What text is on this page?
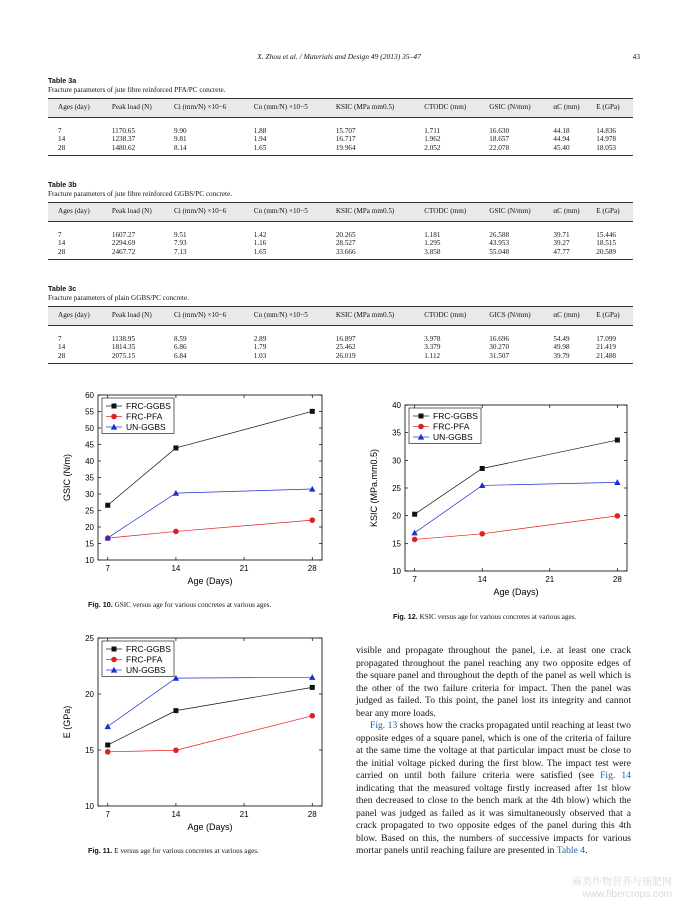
X. Zhou et al. / Materials and Design 49 (2013) 35–47	43
Table 3a
Fracture parameters of jute fibre reinforced PFA/PC concrete.
Ages (day)	Peak load (N)	Ci (mm/N) ×10−6	Cu (mm/N) ×10−5	KSIC (MPa mm0.5)	CTODC (mm)	GSIC (N/mm)	αC (mm)	E (GPa)
7	1170.65	9.90	1.88	15.707	1.711	16.630	44.18	14.836
14	1238.37	9.81	1.94	16.717	1.962	18.657	44.94	14.978
28	1480.62	8.14	1.65	19.964	2.052	22.078	45.40	18.053
Table 3b
Fracture parameters of jute fibre reinforced GGBS/PC concrete.
Ages (day)	Peak load (N)	Ci (mm/N) ×10−6	Cu (mm/N) ×10−5	KSIC (MPa mm0.5)	CTODC (mm)	GSIC (N/mm)	αC (mm)	E (GPa)
7	1607.27	9.51	1.42	20.265	1.181	26.588	39.71	15.446
14	2294.69	7.93	1.16	28.527	1.295	43.953	39.27	18.515
28	2467.72	7.13	1.65	33.666	3.858	55.048	47.77	20.589
Table 3c
Fracture parameters of plain GGBS/PC concrete.
Ages (day)	Peak load (N)	Ci (mm/N) ×10−6	Cu (mm/N) ×10−5	KSIC (MPa mm0.5)	CTODC (mm)	GICS (N/mm)	αC (mm)	E (GPa)
7	1138.95	8.59	2.89	16.897	3.978	16.696	54.49	17.099
14	1814.35	6.86	1.79	25.462	3.379	30.270	49.98	21.419
28	2075.15	6.84	1.03	26.019	1.112	31.507	39.79	21.488
10
15
20
25
30
35
40
45
50
55
60
7	14	21	28
Age (Days)
GSIC (N/m)
FRC-GGBS
FRC-PFA
UN-GGBS
Fig. 10. GSIC versus age for various concretes at various ages.
10
15
20
25
30
35
40
7	14	21	28
Age (Days)
KSIC (MPa.mm0.5)
FRC-GGBS
FRC-PFA
UN-GGBS
Fig. 12. KSIC versus age for various concretes at various ages.
10
15
20
25
7	14	21	28
Age (Days)
E (GPa)
FRC-GGBS
FRC-PFA
UN-GGBS
Fig. 11. E versus age for various concretes at various ages.

visible and propagate throughout the panel, i.e. at least one crack propagated throughout the panel reaching any two opposite edges of the square panel and throughout the depth of the panel as well which is the other of the two failure criteria for impact. Then the panel was judged as failed. To this point, the panel lost its integrity and cannot bear any more loads.

Fig. 13 shows how the cracks propagated until reaching at least two opposite edges of a square panel, which is one of the criteria of failure at the same time the voltage at that particular impact must be close to the initial voltage picked during the first blow. The impact test were carried on until both failure criteria were satisfied (see Fig. 14 indicating that the measured voltage firstly increased after 1st blow then decreased to close to the bench mark at the 4th blow) which the panel was judged as failed as it was simultaneously observed that a crack propagated to two opposite edges of the panel during this 4th blow. Based on this, the numbers of successive impacts for various mortar panels until reaching failure are presented in Table 4.

麻类作物营养与施肥网
www.fibercrops.com
